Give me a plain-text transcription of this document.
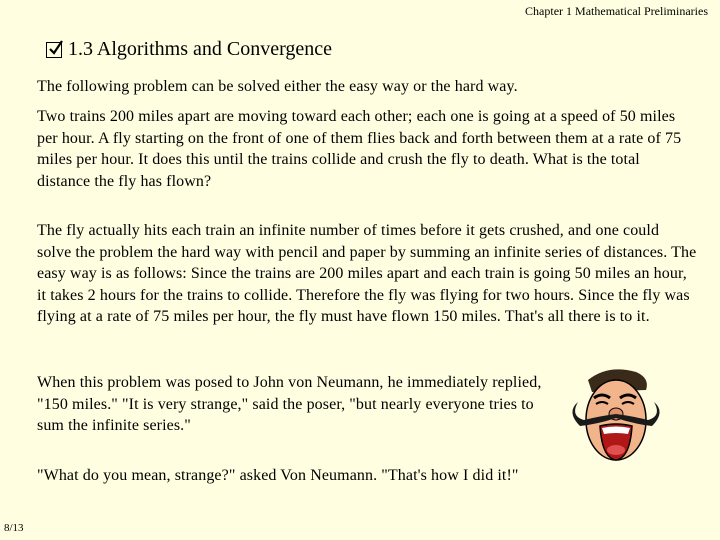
Chapter 1 Mathematical Preliminaries
1.3 Algorithms and Convergence

The following problem can be solved either the easy way or the hard way.

Two trains 200 miles apart are moving toward each other; each one is going at a speed of 50 miles per hour. A fly starting on the front of one of them flies back and forth between them at a rate of 75 miles per hour. It does this until the trains collide and crush the fly to death. What is the total distance the fly has flown?

The fly actually hits each train an infinite number of times before it gets crushed, and one could solve the problem the hard way with pencil and paper by summing an infinite series of distances. The easy way is as follows: Since the trains are 200 miles apart and each train is going 50 miles an hour, it takes 2 hours for the trains to collide. Therefore the fly was flying for two hours. Since the fly was flying at a rate of 75 miles per hour, the fly must have flown 150 miles. That's all there is to it.

When this problem was posed to John von Neumann, he immediately replied, "150 miles." "It is very strange," said the poser, "but nearly everyone tries to sum the infinite series."

"What do you mean, strange?" asked Von Neumann. "That's how I did it!"

8/13
